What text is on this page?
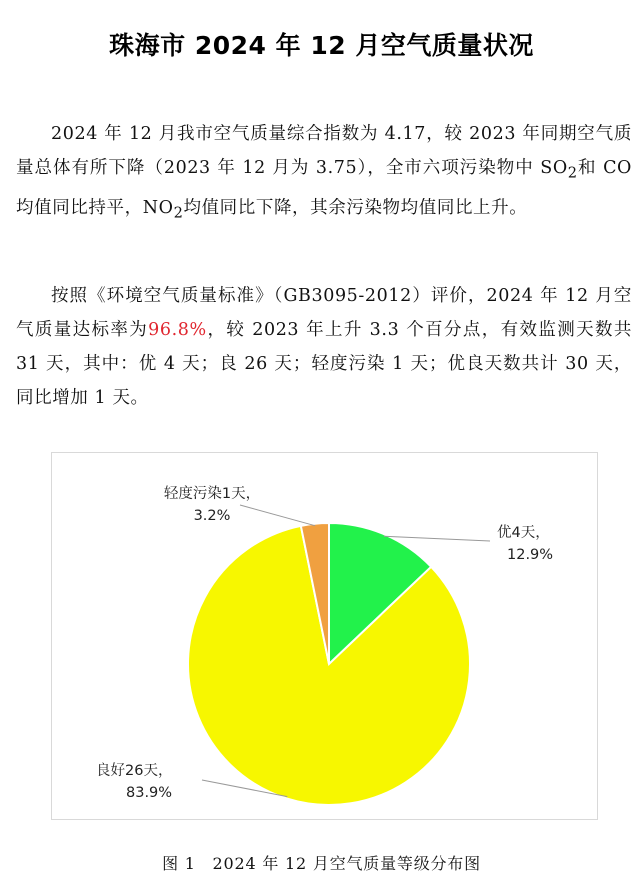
珠海市 2024 年 12 月空气质量状况
2024 年 12 月我市空气质量综合指数为 4.17，较 2023 年同期空气质量总体有所下降（2023 年 12 月为 3.75），全市六项污染物中 $SO_2$和 CO 均值同比持平，$NO_2$均值同比下降，其余污染物均值同比上升。
按照《环境空气质量标准》（GB3095-2012）评价，2024 年 12 月空气质量达标率为96.8%，较 2023 年上升 3.3 个百分点，有效监测天数共 31 天，其中：优 4 天；良 26 天；轻度污染 1 天；优良天数共计 30 天，同比增加 1 天。
优4天，
12.9%
良好26天，
83.9%
轻度污染1天，
3.2%
图 1　2024 年 12 月空气质量等级分布图
